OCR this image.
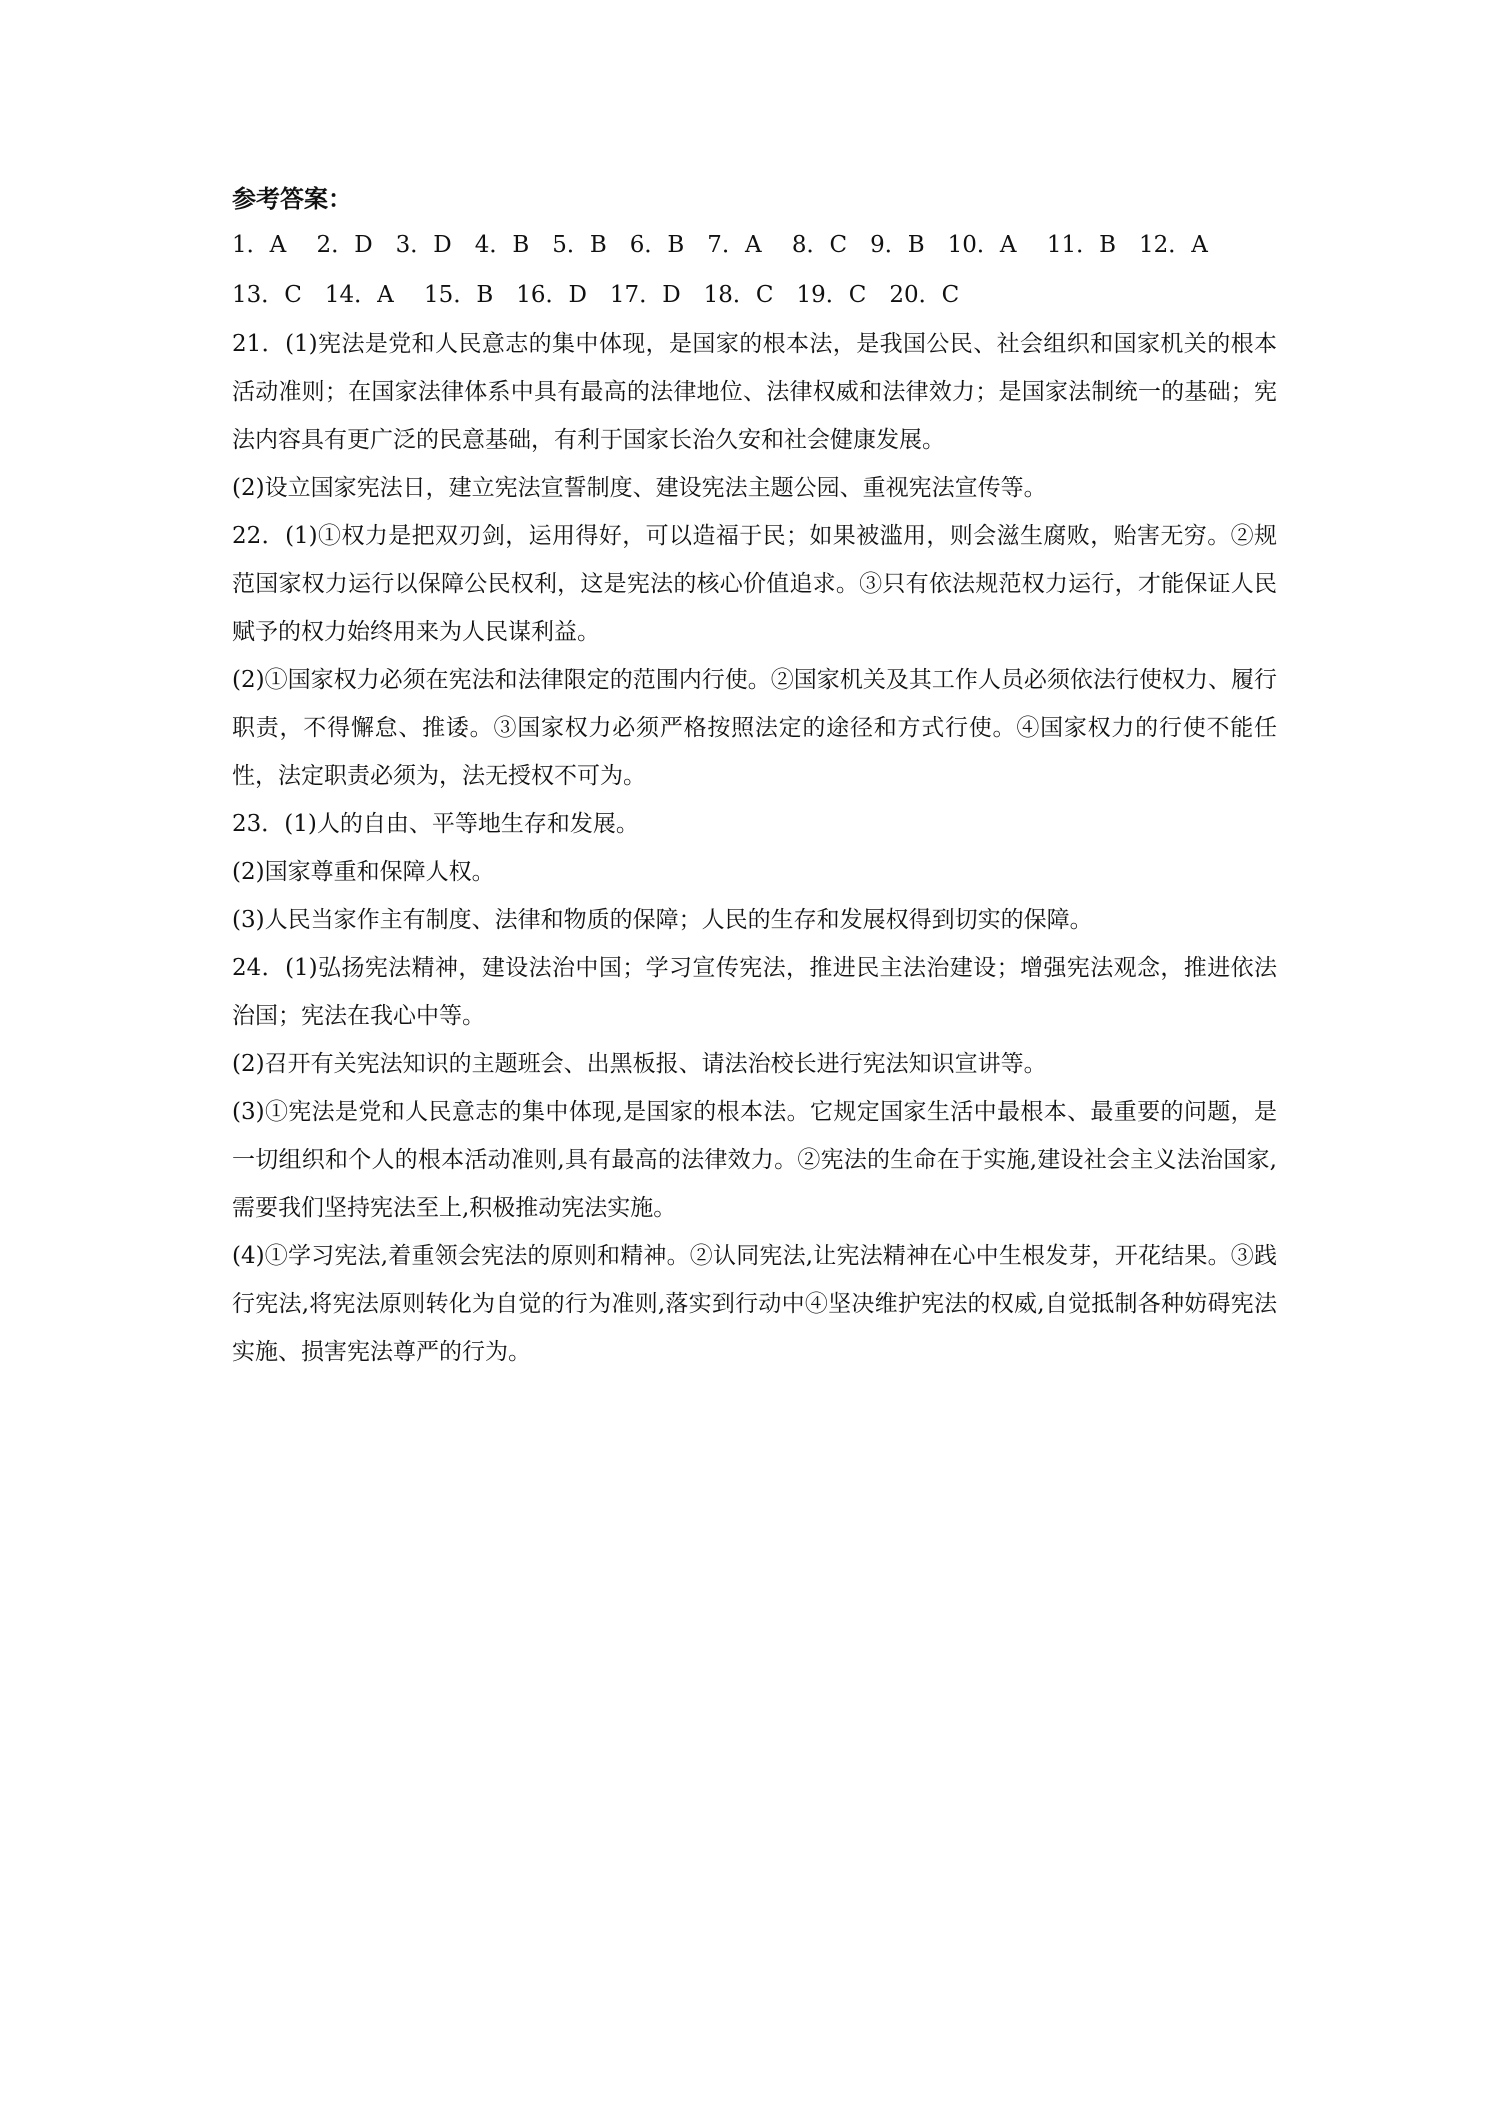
参考答案：

1．A　 2．D　3．D　4．B　5．B　6．B　7．A　 8．C　9．B　10．A　 11．B　12．A

13．C　14．A　 15．B　16．D　17．D　18．C　19．C　20．C

21．(1)宪法是党和人民意志的集中体现，是国家的根本法，是我国公民、社会组织和国家机关的根本活动准则；在国家法律体系中具有最高的法律地位、法律权威和法律效力；是国家法制统一的基础；宪法内容具有更广泛的民意基础，有利于国家长治久安和社会健康发展。

(2)设立国家宪法日，建立宪法宣誓制度、建设宪法主题公园、重视宪法宣传等。

22．(1)①权力是把双刃剑，运用得好，可以造福于民；如果被滥用，则会滋生腐败，贻害无穷。②规范国家权力运行以保障公民权利，这是宪法的核心价值追求。③只有依法规范权力运行，才能保证人民赋予的权力始终用来为人民谋利益。

(2)①国家权力必须在宪法和法律限定的范围内行使。②国家机关及其工作人员必须依法行使权力、履行职责，不得懈怠、推诿。③国家权力必须严格按照法定的途径和方式行使。④国家权力的行使不能任性，法定职责必须为，法无授权不可为。

23．(1)人的自由、平等地生存和发展。

(2)国家尊重和保障人权。

(3)人民当家作主有制度、法律和物质的保障；人民的生存和发展权得到切实的保障。

24．(1)弘扬宪法精神，建设法治中国；学习宣传宪法，推进民主法治建设；增强宪法观念，推进依法治国；宪法在我心中等。

(2)召开有关宪法知识的主题班会、出黑板报、请法治校长进行宪法知识宣讲等。

(3)①宪法是党和人民意志的集中体现,是国家的根本法。它规定国家生活中最根本、最重要的问题，是一切组织和个人的根本活动准则,具有最高的法律效力。②宪法的生命在于实施,建设社会主义法治国家,需要我们坚持宪法至上,积极推动宪法实施。

(4)①学习宪法,着重领会宪法的原则和精神。②认同宪法,让宪法精神在心中生根发芽，开花结果。③践行宪法,将宪法原则转化为自觉的行为准则,落实到行动中④坚决维护宪法的权威,自觉抵制各种妨碍宪法实施、损害宪法尊严的行为。
